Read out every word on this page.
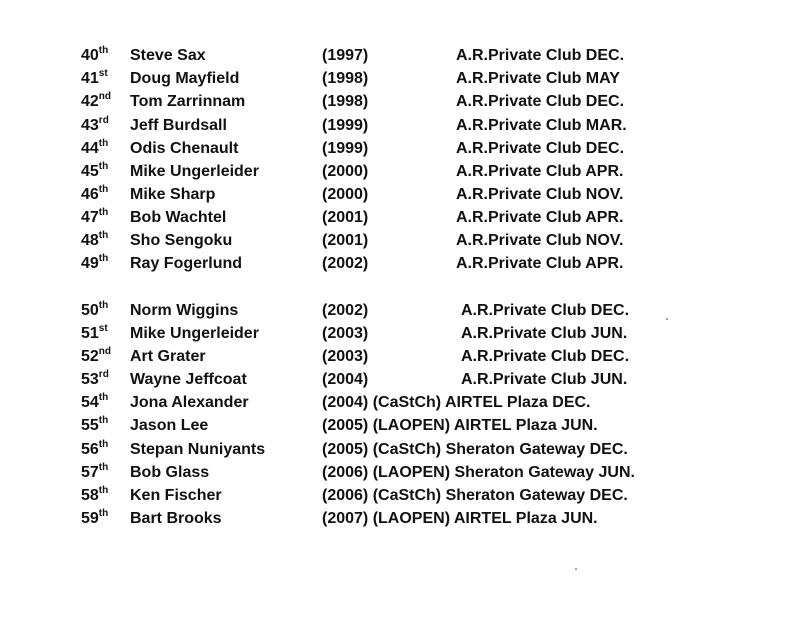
40th Steve Sax	(1997)	A.R.Private Club DEC.
41st Doug Mayfield	(1998)	A.R.Private Club MAY
42nd Tom Zarrinnam	(1998)	A.R.Private Club DEC.
43rd Jeff Burdsall	(1999)	A.R.Private Club MAR.
44th Odis Chenault	(1999)	A.R.Private Club DEC.
45th Mike Ungerleider	(2000)	A.R.Private Club APR.
46th Mike Sharp	(2000)	A.R.Private Club NOV.
47th Bob Wachtel	(2001)	A.R.Private Club APR.
48th Sho Sengoku	(2001)	A.R.Private Club NOV.
49th Ray Fogerlund	(2002)	A.R.Private Club APR.
50th Norm Wiggins	(2002)	A.R.Private Club DEC.
51st Mike Ungerleider	(2003)	A.R.Private Club JUN.
52nd Art Grater	(2003)	A.R.Private Club DEC.
53rd Wayne Jeffcoat	(2004)	A.R.Private Club JUN.
54th Jona Alexander	(2004) (CaStCh) AIRTEL Plaza DEC.
55th Jason Lee	(2005) (LAOPEN) AIRTEL Plaza JUN.
56th Stepan Nuniyants	(2005) (CaStCh) Sheraton Gateway DEC.
57th Bob Glass	(2006) (LAOPEN) Sheraton Gateway JUN.
58th Ken Fischer	(2006) (CaStCh) Sheraton Gateway DEC.
59th Bart Brooks	(2007) (LAOPEN) AIRTEL Plaza JUN.
